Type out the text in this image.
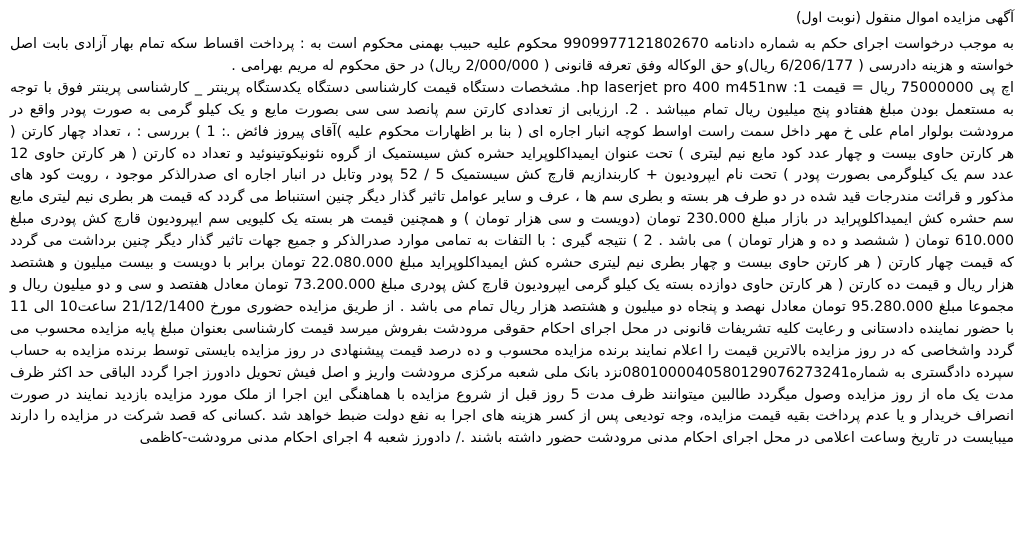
آگهی مزایده اموال منقول (نوبت اول)

به موجب درخواست اجرای حکم به شماره دادنامه 9909977121802670 محکوم علیه حبیب بهمنی محکوم است به : پرداخت اقساط سکه تمام بهار آزادی بابت اصل خواسته و هزینه دادرسی ( 6/206/177 ریال)و حق الوکاله وفق تعرفه قانونی ( 2/000/000 ریال) در حق محکوم له مریم بهرامی .

اچ پی 75000000 ریال = قیمت hp laserjet pro 400 m451nw :1. مشخصات دستگاه قیمت کارشناسی دستگاه یکدستگاه پرینتر _ کارشناسی پرینتر فوق با توجه به مستعمل بودن مبلغ هفتادو پنج میلیون ریال تمام میباشد . 2. ارزیابی از تعدادی کارتن سم پانصد سی سی بصورت مایع و یک کیلو گرمی به صورت پودر واقع در مرودشت بولوار امام علی خ مهر داخل سمت راست اواسط کوچه انبار اجاره ای ( بنا بر اظهارات محکوم علیه )آقای پیروز فائض .: 1 ) بررسی : ، تعداد چهار کارتن ( هر کارتن حاوی بیست و چهار عدد کود مایع نیم لیتری ) تحت عنوان ایمیداکلوپراید حشره کش سیستمیک از گروه نئونیکوتینوئید و تعداد ده کارتن ( هر کارتن حاوی 12 عدد سم یک کیلوگرمی بصورت پودر ) تحت نام ایپرودیون + کاربندازیم قارچ کش سیستمیک 5 / 52 پودر وتابل در انبار اجاره ای صدرالذکر موجود ، رویت کود های مذکور و قرائت مندرجات قید شده در دو طرف هر بسته و بطری سم ها ، عرف و سایر عوامل تاثیر گذار دیگر چنین استنباط می گردد که قیمت هر بطری نیم لیتری مایع سم حشره کش ایمیداکلوپراید در بازار مبلغ 230.000 تومان (دویست و سی هزار تومان ) و همچنین قیمت هر بسته یک کلیویی سم ایپرودیون قارچ کش پودری مبلغ 610.000 تومان ( ششصد و ده و هزار تومان ) می باشد . 2 ) نتیجه گیری : با التفات به تمامی موارد صدرالذکر و جمیع جهات تاثیر گذار دیگر چنین برداشت می گردد که قیمت چهار کارتن ( هر کارتن حاوی بیست و چهار بطری نیم لیتری حشره کش ایمیداکلوپراید مبلغ 22.080.000 تومان برابر با دویست و بیست میلیون و هشتصد هزار ریال و قیمت ده کارتن ( هر کارتن حاوی دوازده بسته یک کیلو گرمی ایپرودیون قارچ کش پودری مبلغ 73.200.000 تومان معادل هفتصد و سی و دو میلیون ریال و مجموعا مبلغ 95.280.000 تومان معادل نهصد و پنجاه دو میلیون و هشتصد هزار ریال تمام می باشد . از طریق مزایده حضوری مورخ 21/12/1400 ساعت10 الی 11 با حضور نماینده دادستانی و رعایت کلیه تشریفات قانونی در محل اجرای احکام حقوقی مرودشت بفروش میرسد قیمت کارشناسی بعنوان مبلغ پایه مزایده محسوب می گردد واشخاصی که در روز مزایده بالاترین قیمت را اعلام نمایند برنده مزایده محسوب و ده درصد قیمت پیشنهادی در روز مزایده بایستی توسط برنده مزایده به حساب سپرده دادگستری به شماره0801000040580129076273241نزد بانک ملی شعبه مرکزی مرودشت واریز و اصل فیش تحویل دادورز اجرا گردد الباقی حد اکثر ظرف مدت یک ماه از روز مزایده وصول میگردد طالبین میتوانند ظرف مدت 5 روز قبل از شروع مزایده با هماهنگی این اجرا از ملک مورد مزایده بازدید نمایند در صورت انصراف خریدار و یا عدم پرداخت بقیه قیمت مزایده، وجه تودیعی پس از کسر هزینه های اجرا به نفع دولت ضبط خواهد شد .کسانی که قصد شرکت در مزایده را دارند میبایست در تاریخ وساعت اعلامی در محل اجرای احکام مدنی مرودشت حضور داشته باشند ./ دادورز شعبه 4 اجرای احکام مدنی مرودشت-کاظمی
